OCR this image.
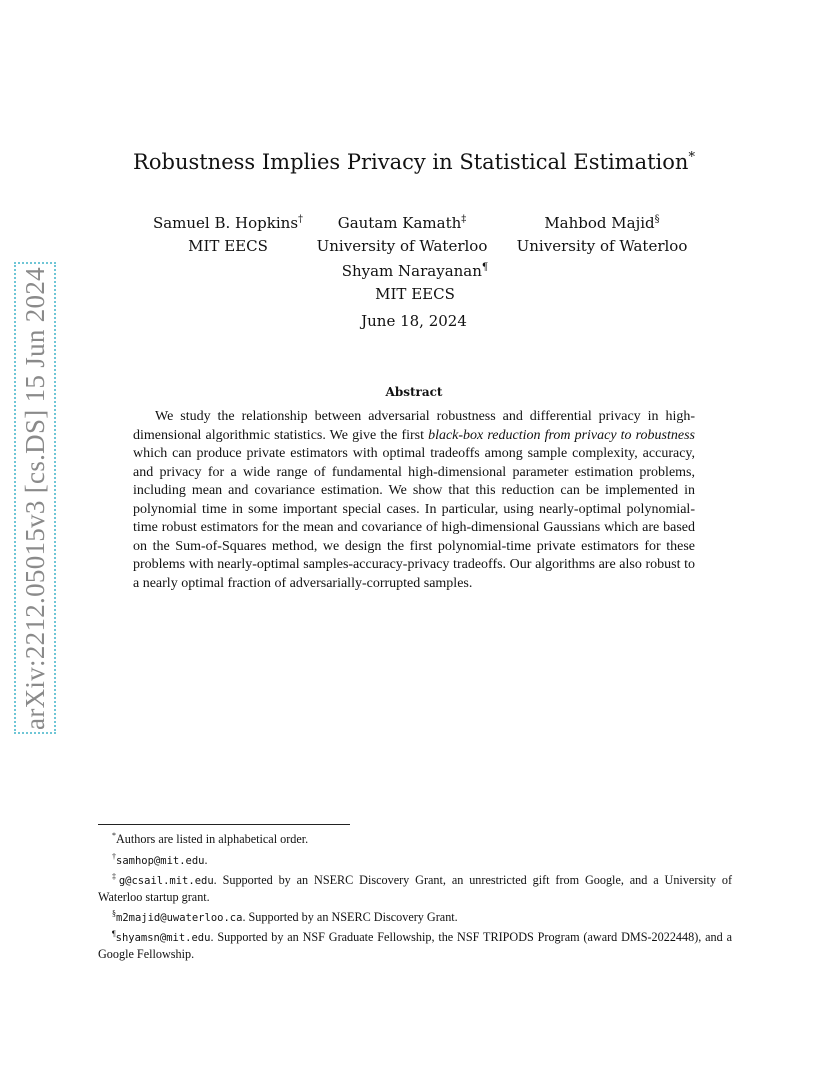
arXiv:2212.05015v3 [cs.DS] 15 Jun 2024
Robustness Implies Privacy in Statistical Estimation*
Samuel B. Hopkins†
MIT EECS
Gautam Kamath‡
University of Waterloo
Mahbod Majid§
University of Waterloo
Shyam Narayanan¶
MIT EECS
June 18, 2024
Abstract
We study the relationship between adversarial robustness and differential privacy in high-dimensional algorithmic statistics. We give the first black-box reduction from privacy to robustness which can produce private estimators with optimal tradeoffs among sample complexity, accuracy, and privacy for a wide range of fundamental high-dimensional parameter estimation problems, including mean and covariance estimation. We show that this reduction can be implemented in polynomial time in some important special cases. In particular, using nearly-optimal polynomial-time robust estimators for the mean and covariance of high-dimensional Gaussians which are based on the Sum-of-Squares method, we design the first polynomial-time private estimators for these problems with nearly-optimal samples-accuracy-privacy tradeoffs. Our algorithms are also robust to a nearly optimal fraction of adversarially-corrupted samples.

*Authors are listed in alphabetical order.

†samhop@mit.edu.

‡g@csail.mit.edu. Supported by an NSERC Discovery Grant, an unrestricted gift from Google, and a University of Waterloo startup grant.

§m2majid@uwaterloo.ca. Supported by an NSERC Discovery Grant.

¶shyamsn@mit.edu. Supported by an NSF Graduate Fellowship, the NSF TRIPODS Program (award DMS-2022448), and a Google Fellowship.
